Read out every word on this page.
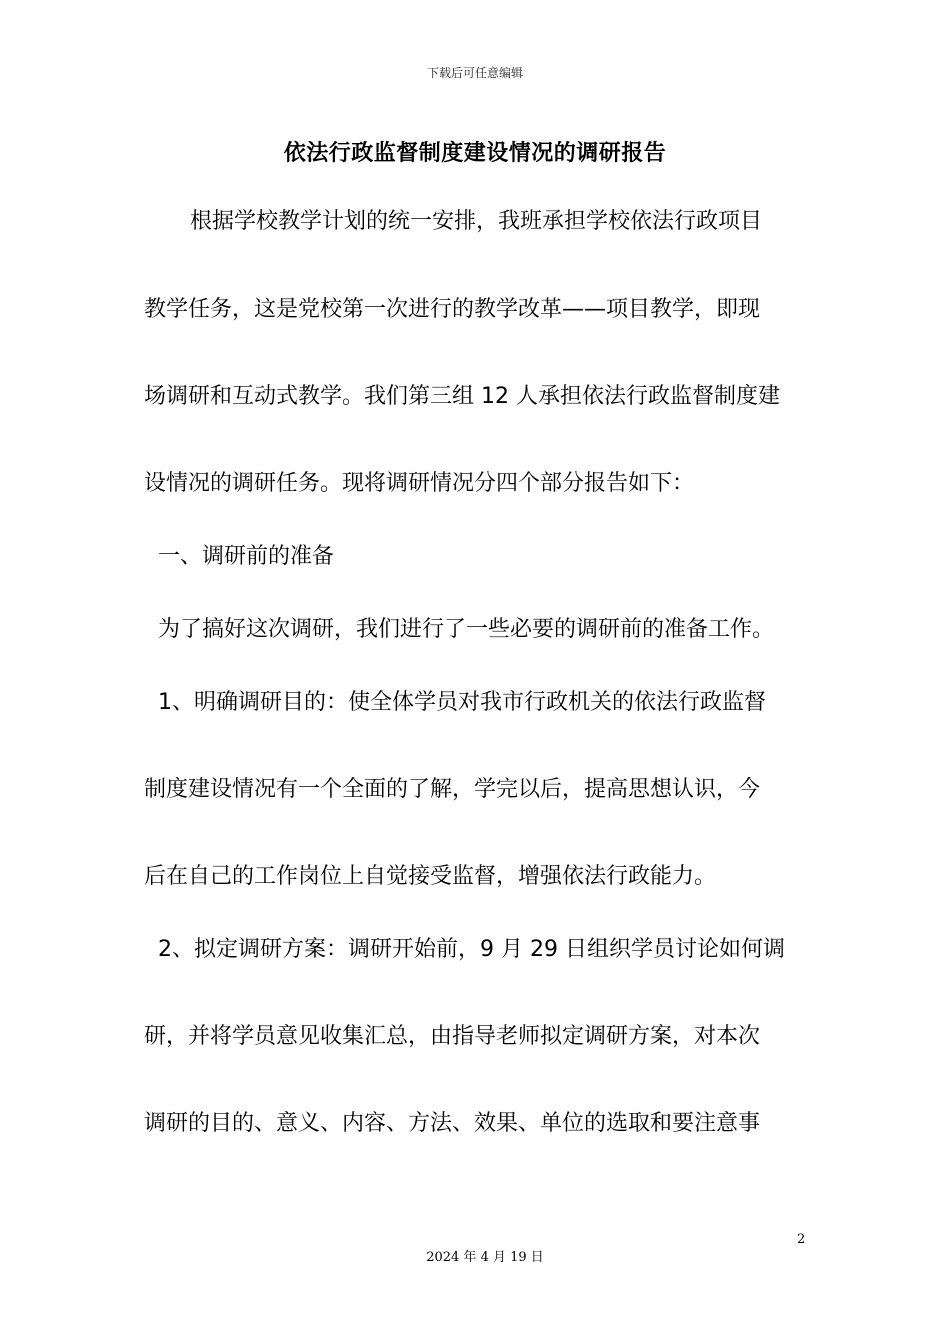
下载后可任意编辑
依法行政监督制度建设情况的调研报告
根据学校教学计划的统一安排，我班承担学校依法行政项目
教学任务，这是党校第一次进行的教学改革——项目教学，即现
场调研和互动式教学。我们第三组 12 人承担依法行政监督制度建
设情况的调研任务。现将调研情况分四个部分报告如下：
一、调研前的准备
为了搞好这次调研，我们进行了一些必要的调研前的准备工作。
1、明确调研目的：使全体学员对我市行政机关的依法行政监督
制度建设情况有一个全面的了解，学完以后，提高思想认识，今
后在自己的工作岗位上自觉接受监督，增强依法行政能力。
2、拟定调研方案：调研开始前，9 月 29 日组织学员讨论如何调
研，并将学员意见收集汇总，由指导老师拟定调研方案，对本次
调研的目的、意义、内容、方法、效果、单位的选取和要注意事
2
2024 年 4 月 19 日
